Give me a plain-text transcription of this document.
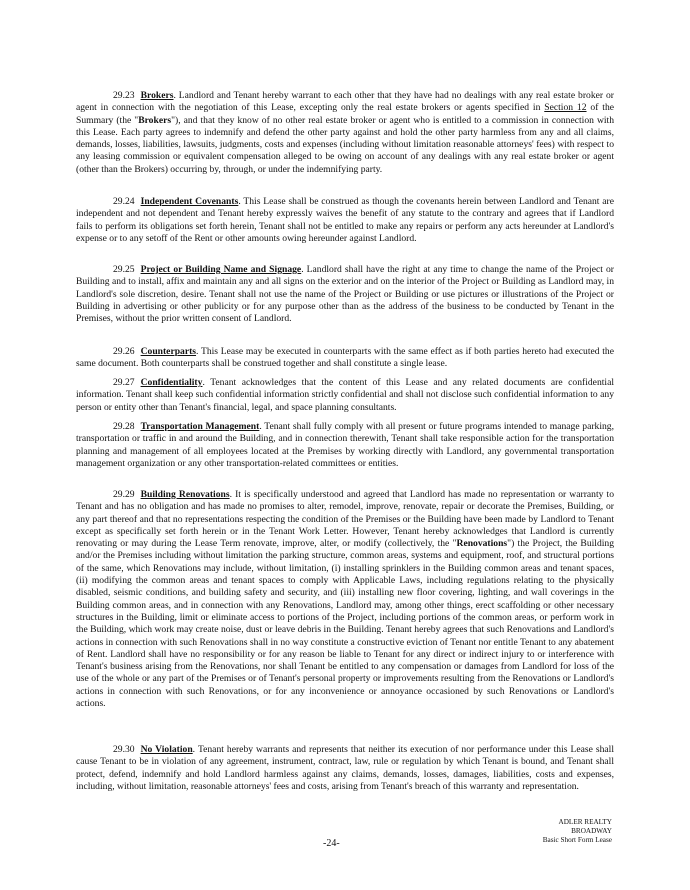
29.23 Brokers. Landlord and Tenant hereby warrant to each other that they have had no dealings with any real estate broker or agent in connection with the negotiation of this Lease, excepting only the real estate brokers or agents specified in Section 12 of the Summary (the "Brokers"), and that they know of no other real estate broker or agent who is entitled to a commission in connection with this Lease. Each party agrees to indemnify and defend the other party against and hold the other party harmless from any and all claims, demands, losses, liabilities, lawsuits, judgments, costs and expenses (including without limitation reasonable attorneys' fees) with respect to any leasing commission or equivalent compensation alleged to be owing on account of any dealings with any real estate broker or agent (other than the Brokers) occurring by, through, or under the indemnifying party.

29.24 Independent Covenants. This Lease shall be construed as though the covenants herein between Landlord and Tenant are independent and not dependent and Tenant hereby expressly waives the benefit of any statute to the contrary and agrees that if Landlord fails to perform its obligations set forth herein, Tenant shall not be entitled to make any repairs or perform any acts hereunder at Landlord's expense or to any setoff of the Rent or other amounts owing hereunder against Landlord.

29.25 Project or Building Name and Signage. Landlord shall have the right at any time to change the name of the Project or Building and to install, affix and maintain any and all signs on the exterior and on the interior of the Project or Building as Landlord may, in Landlord's sole discretion, desire. Tenant shall not use the name of the Project or Building or use pictures or illustrations of the Project or Building in advertising or other publicity or for any purpose other than as the address of the business to be conducted by Tenant in the Premises, without the prior written consent of Landlord.

29.26 Counterparts. This Lease may be executed in counterparts with the same effect as if both parties hereto had executed the same document. Both counterparts shall be construed together and shall constitute a single lease.

29.27 Confidentiality. Tenant acknowledges that the content of this Lease and any related documents are confidential information. Tenant shall keep such confidential information strictly confidential and shall not disclose such confidential information to any person or entity other than Tenant's financial, legal, and space planning consultants.

29.28 Transportation Management. Tenant shall fully comply with all present or future programs intended to manage parking, transportation or traffic in and around the Building, and in connection therewith, Tenant shall take responsible action for the transportation planning and management of all employees located at the Premises by working directly with Landlord, any governmental transportation management organization or any other transportation-related committees or entities.

29.29 Building Renovations. It is specifically understood and agreed that Landlord has made no representation or warranty to Tenant and has no obligation and has made no promises to alter, remodel, improve, renovate, repair or decorate the Premises, Building, or any part thereof and that no representations respecting the condition of the Premises or the Building have been made by Landlord to Tenant except as specifically set forth herein or in the Tenant Work Letter. However, Tenant hereby acknowledges that Landlord is currently renovating or may during the Lease Term renovate, improve, alter, or modify (collectively, the "Renovations") the Project, the Building and/or the Premises including without limitation the parking structure, common areas, systems and equipment, roof, and structural portions of the same, which Renovations may include, without limitation, (i) installing sprinklers in the Building common areas and tenant spaces, (ii) modifying the common areas and tenant spaces to comply with Applicable Laws, including regulations relating to the physically disabled, seismic conditions, and building safety and security, and (iii) installing new floor covering, lighting, and wall coverings in the Building common areas, and in connection with any Renovations, Landlord may, among other things, erect scaffolding or other necessary structures in the Building, limit or eliminate access to portions of the Project, including portions of the common areas, or perform work in the Building, which work may create noise, dust or leave debris in the Building. Tenant hereby agrees that such Renovations and Landlord's actions in connection with such Renovations shall in no way constitute a constructive eviction of Tenant nor entitle Tenant to any abatement of Rent. Landlord shall have no responsibility or for any reason be liable to Tenant for any direct or indirect injury to or interference with Tenant's business arising from the Renovations, nor shall Tenant be entitled to any compensation or damages from Landlord for loss of the use of the whole or any part of the Premises or of Tenant's personal property or improvements resulting from the Renovations or Landlord's actions in connection with such Renovations, or for any inconvenience or annoyance occasioned by such Renovations or Landlord's actions.

29.30 No Violation. Tenant hereby warrants and represents that neither its execution of nor performance under this Lease shall cause Tenant to be in violation of any agreement, instrument, contract, law, rule or regulation by which Tenant is bound, and Tenant shall protect, defend, indemnify and hold Landlord harmless against any claims, demands, losses, damages, liabilities, costs and expenses, including, without limitation, reasonable attorneys' fees and costs, arising from Tenant's breach of this warranty and representation.

-24-
ADLER REALTY
BROADWAY
Basic Short Form Lease
